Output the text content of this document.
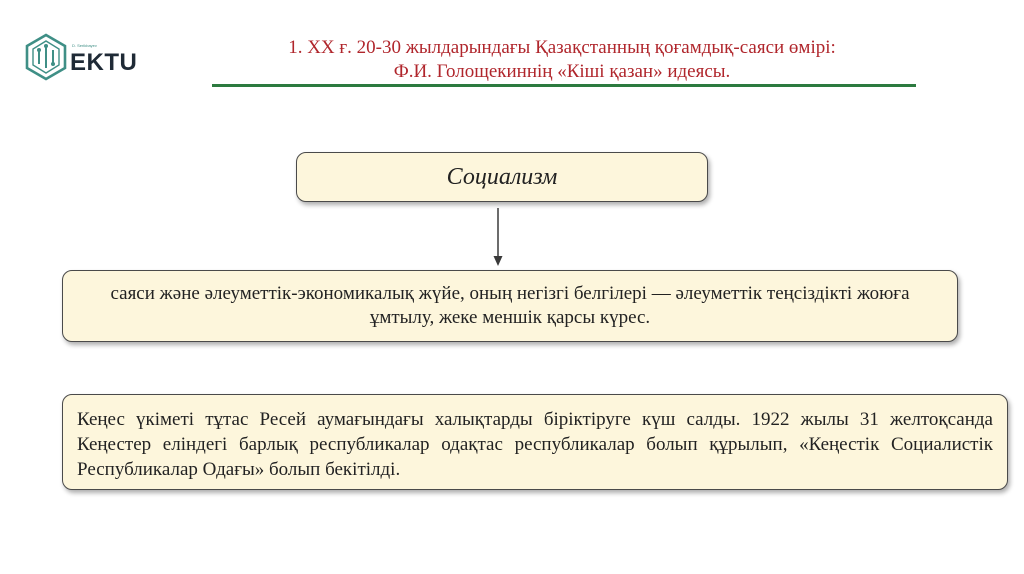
D. Serikbayev
EKTU
1. XX ғ. 20-30 жылдарындағы Қазақстанның қоғамдық-саяси өмірі:
Ф.И. Голощекиннің «Кіші қазан» идеясы.
Социализм
саяси және әлеуметтік-экономикалық жүйе, оның негізгі белгілері — әлеуметтік теңсіздікті жоюға ұмтылу, жеке меншік қарсы күрес.
Кеңес үкіметі тұтас Ресей аумағындағы халықтарды біріктіруге күш салды. 1922 жылы 31 желтоқсанда Кеңестер еліндегі барлық республикалар одақтас республикалар болып құрылып, «Кеңестік Социалистік Республикалар Одағы» болып бекітілді.
